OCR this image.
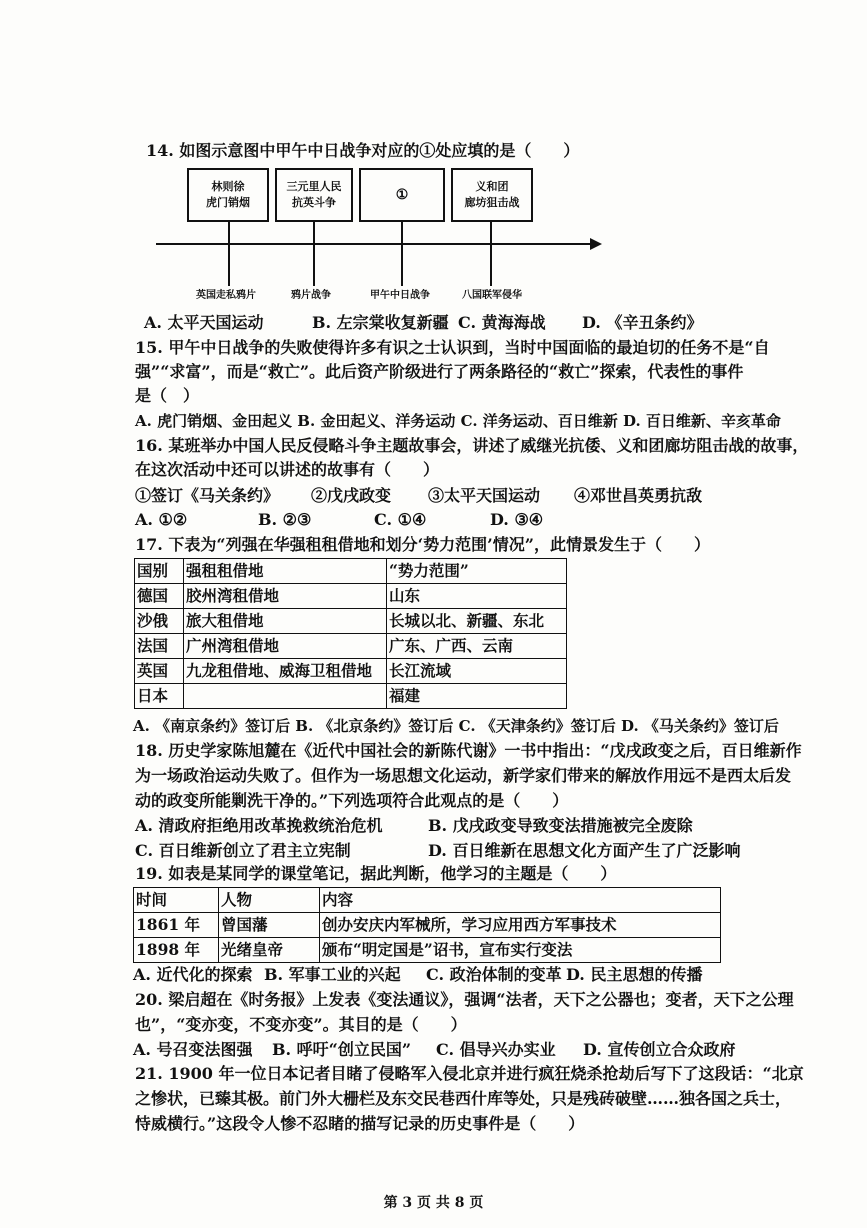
14. 如图示意图中甲午中日战争对应的①处应填的是（　　）
林则徐
虎门销烟
三元里人民
抗英斗争	①
义和团
廊坊狙击战
英国走私鸦片	鸦片战争	甲午中日战争	八国联军侵华
A. 太平天国运动	B. 左宗棠收复新疆 C. 黄海海战 D. 《辛丑条约》
15. 甲午中日战争的失败使得许多有识之士认识到，当时中国面临的最迫切的任务不是“自
强”“求富”，而是“救亡”。此后资产阶级进行了两条路径的“救亡”探索，代表性的事件
是（　）
A. 虎门销烟、金田起义 B. 金田起义、洋务运动 C. 洋务运动、百日维新 D. 百日维新、辛亥革命
16. 某班举办中国人民反侵略斗争主题故事会，讲述了威继光抗倭、义和团廊坊阻击战的故事，
在这次活动中还可以讲述的故事有（　　）
①签订《马关条约》 ②戊戌政变 ③太平天国运动 ④邓世昌英勇抗敌
A. ①②	B. ②③	C. ①④	D. ③④
17. 下表为“列强在华强租租借地和划分‘势力范围’情况”，此情景发生于（　　）
国别	强租租借地	“势力范围”
德国	胶州湾租借地	山东
沙俄	旅大租借地	长城以北、新疆、东北
法国	广州湾租借地	广东、广西、云南
英国	九龙租借地、威海卫租借地	长江流域
日本		福建
A. 《南京条约》签订后 B. 《北京条约》签订后 C. 《天津条约》签订后 D. 《马关条约》签订后
18. 历史学家陈旭麓在《近代中国社会的新陈代谢》一书中指出：“戊戌政变之后，百日维新作
为一场政治运动失败了。但作为一场思想文化运动，新学家们带来的解放作用远不是西太后发
动的政变所能剿洗干净的。”下列选项符合此观点的是（　　）
A. 清政府拒绝用改革挽救统治危机	B. 戊戌政变导致变法措施被完全废除
C. 百日维新创立了君主立宪制	D. 百日维新在思想文化方面产生了广泛影响
19. 如表是某同学的课堂笔记，据此判断，他学习的主题是（　　）
时间	人物	内容
1861 年	曾国藩	创办安庆内军械所，学习应用西方军事技术
1898 年	光绪皇帝	颁布“明定国是”诏书，宣布实行变法
A. 近代化的探索 B. 军事工业的兴起 C. 政治体制的变革 D. 民主思想的传播
20. 梁启超在《时务报》上发表《变法通议》，强调“法者，天下之公器也；变者，天下之公理
也”，“变亦变，不变亦变”。其目的是（　　）
A. 号召变法图强 B. 呼吁“创立民国” C. 倡导兴办实业 D. 宣传创立合众政府
21. 1900 年一位日本记者目睹了侵略军入侵北京并进行疯狂烧杀抢劫后写下了这段话：“北京
之惨状，已臻其极。前门外大栅栏及东交民巷西什库等处，只是残砖破壁……独各国之兵士，
恃威横行。”这段令人惨不忍睹的描写记录的历史事件是（　　）
第 3 页 共 8 页
